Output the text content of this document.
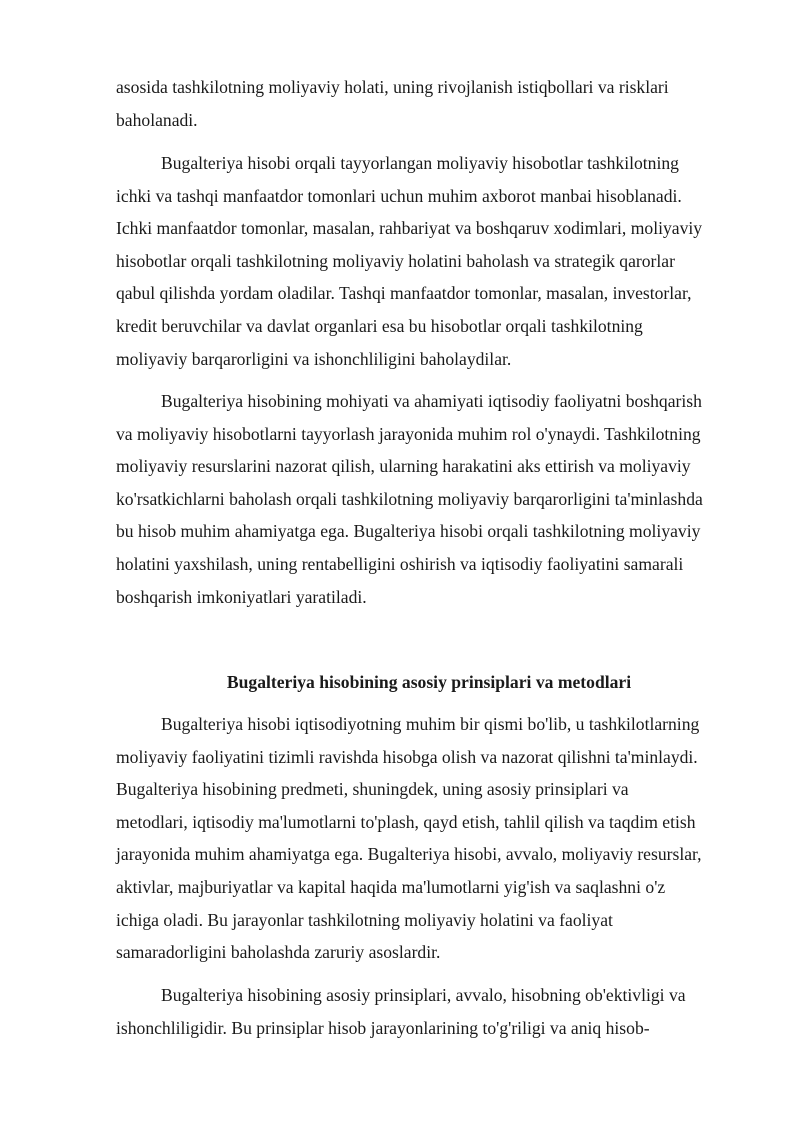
asosida tashkilotning moliyaviy holati, uning rivojlanish istiqbollari va risklari
baholanadi.

Bugalteriya hisobi orqali tayyorlangan moliyaviy hisobotlar tashkilotning
ichki va tashqi manfaatdor tomonlari uchun muhim axborot manbai hisoblanadi.
Ichki manfaatdor tomonlar, masalan, rahbariyat va boshqaruv xodimlari, moliyaviy
hisobotlar orqali tashkilotning moliyaviy holatini baholash va strategik qarorlar
qabul qilishda yordam oladilar. Tashqi manfaatdor tomonlar, masalan, investorlar,
kredit beruvchilar va davlat organlari esa bu hisobotlar orqali tashkilotning
moliyaviy barqarorligini va ishonchliligini baholaydilar.

Bugalteriya hisobining mohiyati va ahamiyati iqtisodiy faoliyatni boshqarish
va moliyaviy hisobotlarni tayyorlash jarayonida muhim rol o'ynaydi. Tashkilotning
moliyaviy resurslarini nazorat qilish, ularning harakatini aks ettirish va moliyaviy
ko'rsatkichlarni baholash orqali tashkilotning moliyaviy barqarorligini ta'minlashda
bu hisob muhim ahamiyatga ega. Bugalteriya hisobi orqali tashkilotning moliyaviy
holatini yaxshilash, uning rentabelligini oshirish va iqtisodiy faoliyatini samarali
boshqarish imkoniyatlari yaratiladi.

Bugalteriya hisobining asosiy prinsiplari va metodlari

Bugalteriya hisobi iqtisodiyotning muhim bir qismi bo'lib, u tashkilotlarning
moliyaviy faoliyatini tizimli ravishda hisobga olish va nazorat qilishni ta'minlaydi.
Bugalteriya hisobining predmeti, shuningdek, uning asosiy prinsiplari va
metodlari, iqtisodiy ma'lumotlarni to'plash, qayd etish, tahlil qilish va taqdim etish
jarayonida muhim ahamiyatga ega. Bugalteriya hisobi, avvalo, moliyaviy resurslar,
aktivlar, majburiyatlar va kapital haqida ma'lumotlarni yig'ish va saqlashni o'z
ichiga oladi. Bu jarayonlar tashkilotning moliyaviy holatini va faoliyat
samaradorligini baholashda zaruriy asoslardir.

Bugalteriya hisobining asosiy prinsiplari, avvalo, hisobning ob'ektivligi va
ishonchliligidir. Bu prinsiplar hisob jarayonlarining to'g'riligi va aniq hisob-
